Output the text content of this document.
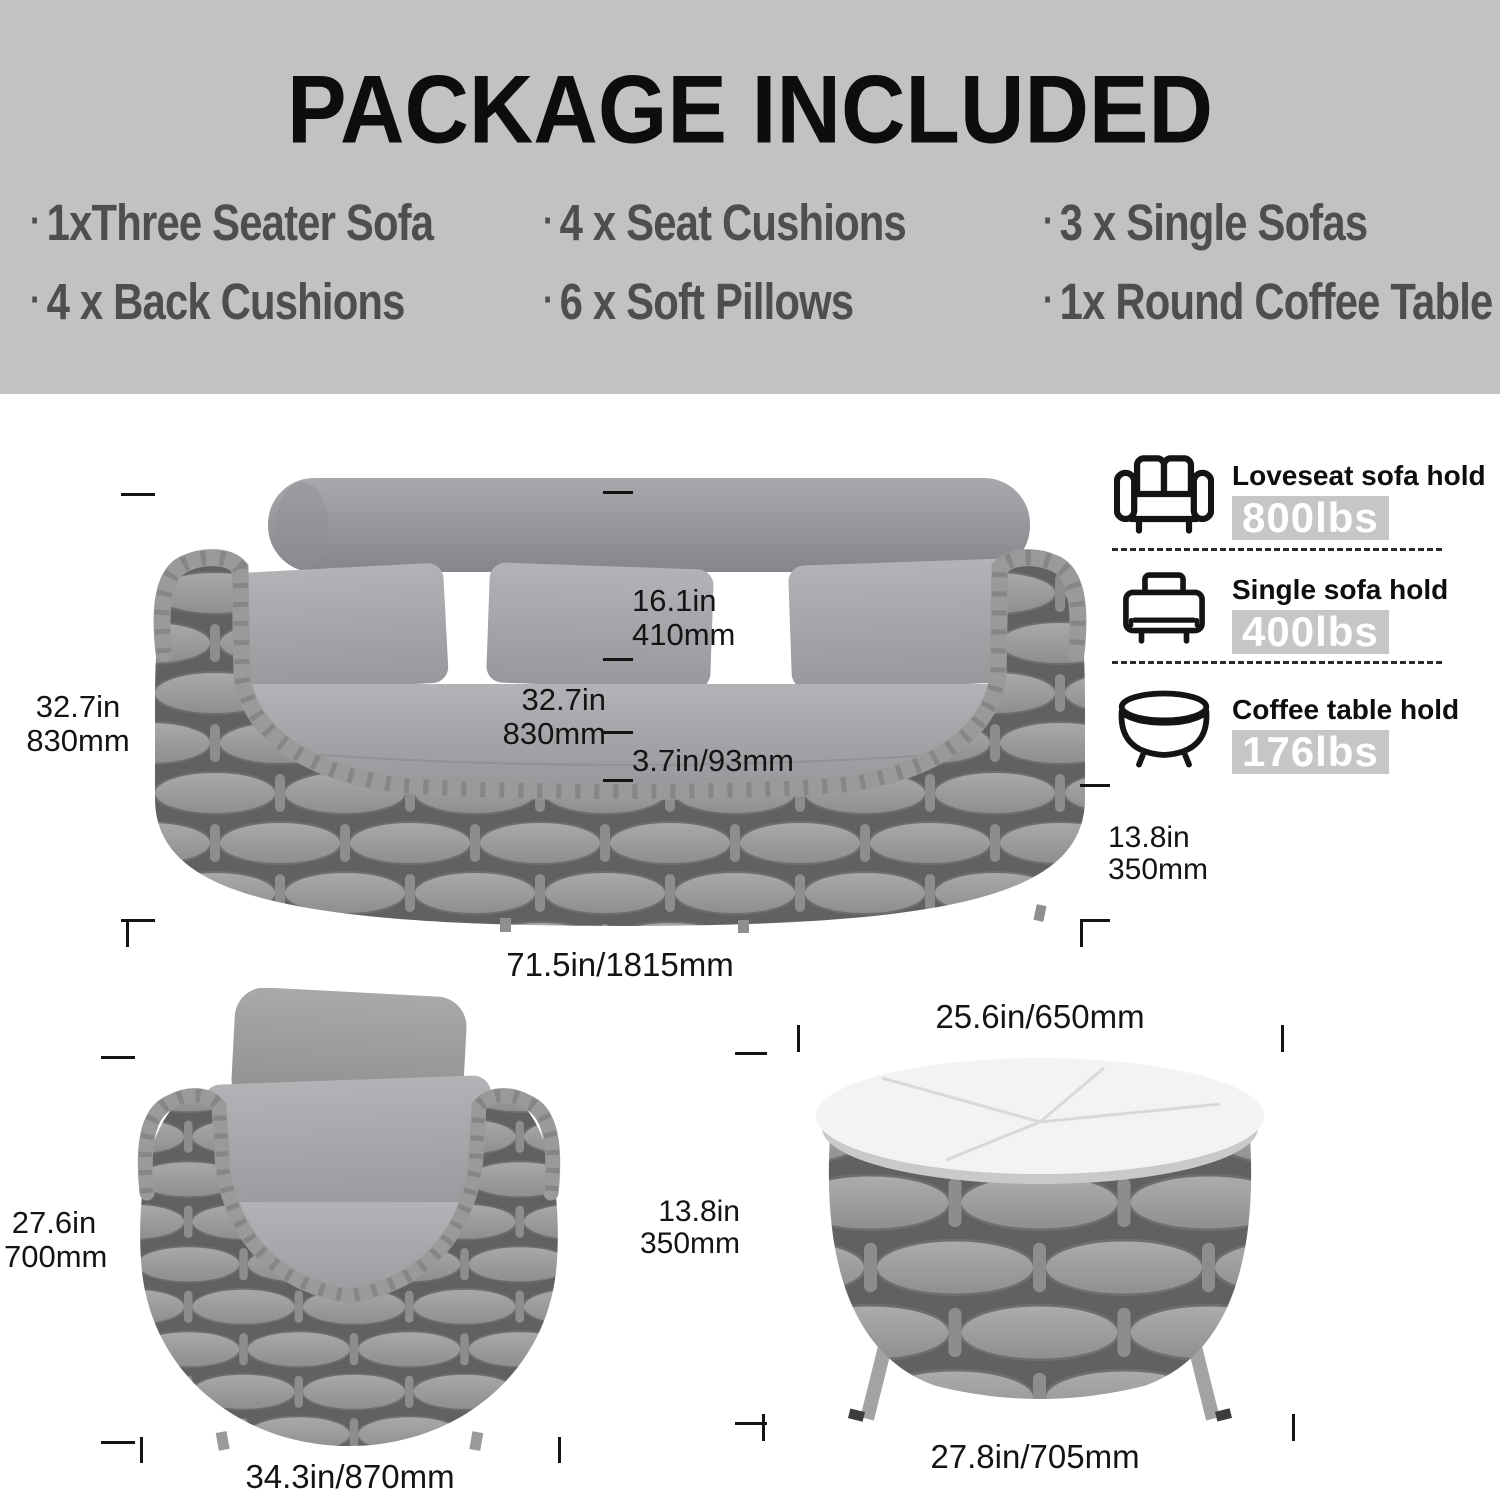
PACKAGE INCLUDED
· 1xThree Seater Sofa	· 4 x Seat Cushions	· 3 x Single Sofas
· 4 x Back Cushions	· 6 x Soft Pillows	· 1x Round Coffee Table
Loveseat sofa hold
800lbs
Single sofa hold
400lbs
Coffee table hold
176lbs
32.7in
830mm
16.1in
410mm
32.7in
830mm
3.7in/93mm
71.5in/1815mm
13.8in
350mm
27.6in
700mm
34.3in/870mm
25.6in/650mm
13.8in
350mm
27.8in/705mm
